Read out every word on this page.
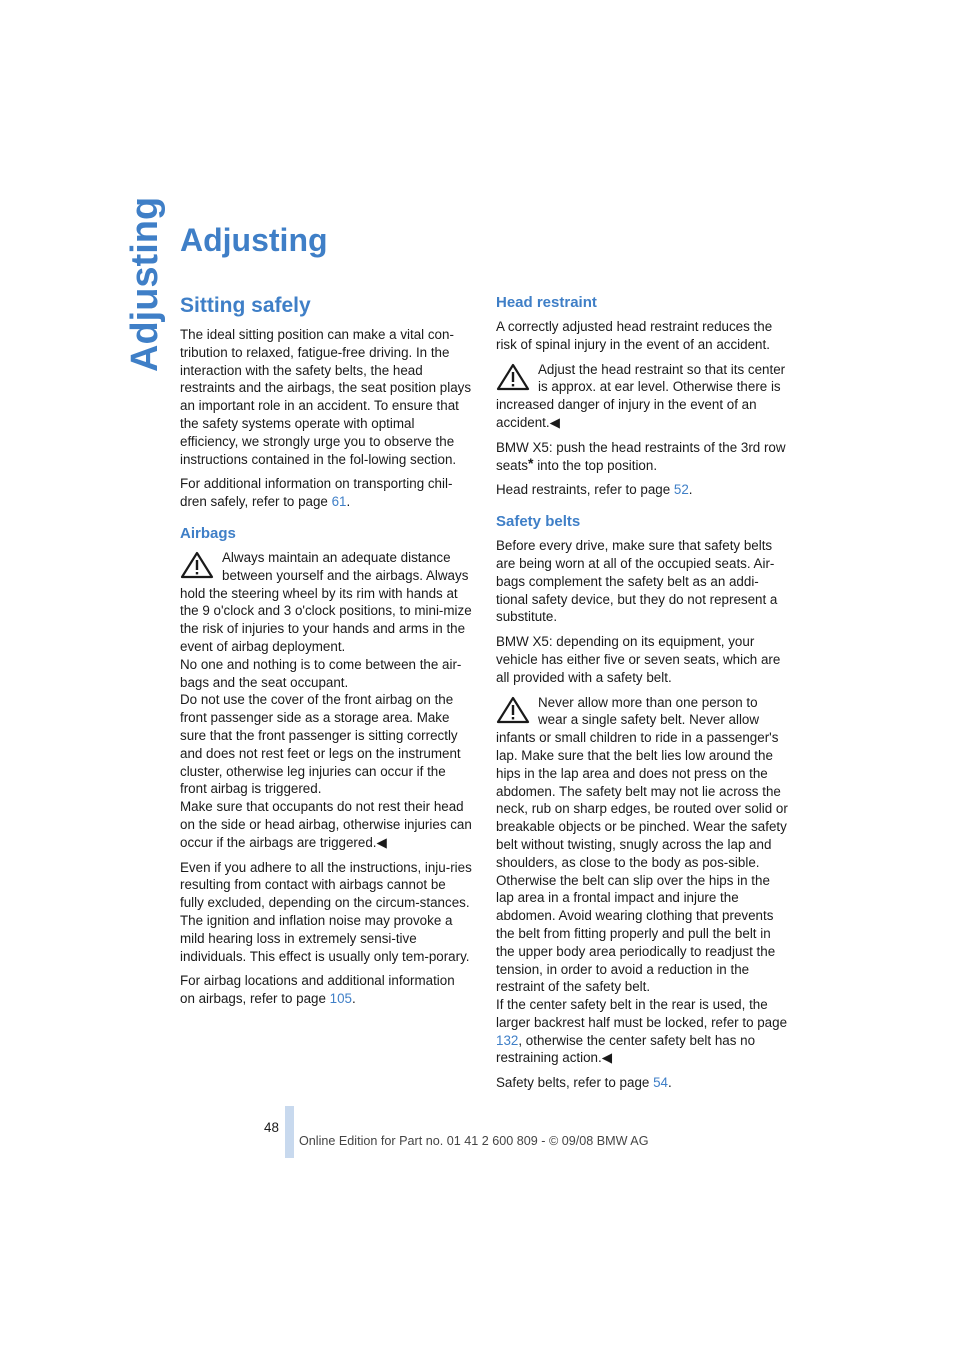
Adjusting Adjusting
Sitting safely

The ideal sitting position can make a vital con-tribution to relaxed, fatigue-free driving. In the interaction with the safety belts, the head restraints and the airbags, the seat position plays an important role in an accident. To ensure that the safety systems operate with optimal efficiency, we strongly urge you to observe the instructions contained in the fol-lowing section.

For additional information on transporting chil-dren safely, refer to page 61.

Airbags
Always maintain an adequate distance between yourself and the airbags. Always hold the steering wheel by its rim with hands at the 9 o'clock and 3 o'clock positions, to mini-mize the risk of injuries to your hands and arms in the event of airbag deployment.
No one and nothing is to come between the air-bags and the seat occupant.
Do not use the cover of the front airbag on the front passenger side as a storage area. Make sure that the front passenger is sitting correctly and does not rest feet or legs on the instrument cluster, otherwise leg injuries can occur if the front airbag is triggered.
Make sure that occupants do not rest their head on the side or head airbag, otherwise injuries can occur if the airbags are triggered.◀

Even if you adhere to all the instructions, inju-ries resulting from contact with airbags cannot be fully excluded, depending on the circum-stances. The ignition and inflation noise may provoke a mild hearing loss in extremely sensi-tive individuals. This effect is usually only tem-porary.

For airbag locations and additional information on airbags, refer to page 105.

Head restraint

A correctly adjusted head restraint reduces the risk of spinal injury in the event of an accident.

Adjust the head restraint so that its center is approx. at ear level. Otherwise there is increased danger of injury in the event of an accident.◀

BMW X5: push the head restraints of the 3rd row seats* into the top position.

Head restraints, refer to page 52.

Safety belts

Before every drive, make sure that safety belts are being worn at all of the occupied seats. Air-bags complement the safety belt as an addi-tional safety device, but they do not represent a substitute.

BMW X5: depending on its equipment, your vehicle has either five or seven seats, which are all provided with a safety belt.

Never allow more than one person to wear a single safety belt. Never allow infants or small children to ride in a passenger's lap. Make sure that the belt lies low around the hips in the lap area and does not press on the abdomen. The safety belt may not lie across the neck, rub on sharp edges, be routed over solid or breakable objects or be pinched. Wear the safety belt without twisting, snugly across the lap and shoulders, as close to the body as pos-sible. Otherwise the belt can slip over the hips in the lap area in a frontal impact and injure the abdomen. Avoid wearing clothing that prevents the belt from fitting properly and pull the belt in the upper body area periodically to readjust the tension, in order to avoid a reduction in the restraint of the safety belt.
If the center safety belt in the rear is used, the larger backrest half must be locked, refer to page 132, otherwise the center safety belt has no restraining action.◀

Safety belts, refer to page 54.

48
Online Edition for Part no. 01 41 2 600 809 - © 09/08 BMW AG
